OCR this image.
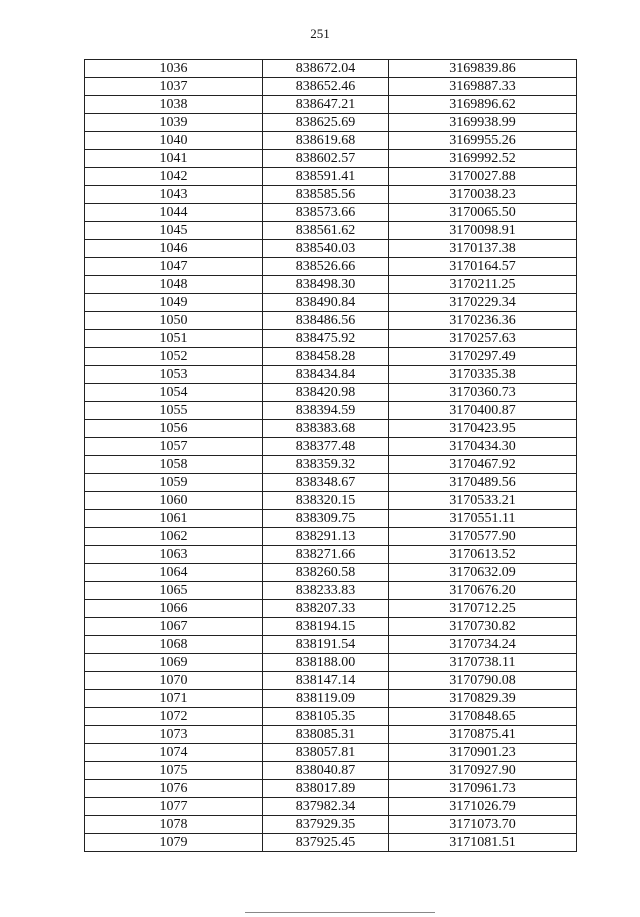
251
1036	838672.04	3169839.86
1037	838652.46	3169887.33
1038	838647.21	3169896.62
1039	838625.69	3169938.99
1040	838619.68	3169955.26
1041	838602.57	3169992.52
1042	838591.41	3170027.88
1043	838585.56	3170038.23
1044	838573.66	3170065.50
1045	838561.62	3170098.91
1046	838540.03	3170137.38
1047	838526.66	3170164.57
1048	838498.30	3170211.25
1049	838490.84	3170229.34
1050	838486.56	3170236.36
1051	838475.92	3170257.63
1052	838458.28	3170297.49
1053	838434.84	3170335.38
1054	838420.98	3170360.73
1055	838394.59	3170400.87
1056	838383.68	3170423.95
1057	838377.48	3170434.30
1058	838359.32	3170467.92
1059	838348.67	3170489.56
1060	838320.15	3170533.21
1061	838309.75	3170551.11
1062	838291.13	3170577.90
1063	838271.66	3170613.52
1064	838260.58	3170632.09
1065	838233.83	3170676.20
1066	838207.33	3170712.25
1067	838194.15	3170730.82
1068	838191.54	3170734.24
1069	838188.00	3170738.11
1070	838147.14	3170790.08
1071	838119.09	3170829.39
1072	838105.35	3170848.65
1073	838085.31	3170875.41
1074	838057.81	3170901.23
1075	838040.87	3170927.90
1076	838017.89	3170961.73
1077	837982.34	3171026.79
1078	837929.35	3171073.70
1079	837925.45	3171081.51
